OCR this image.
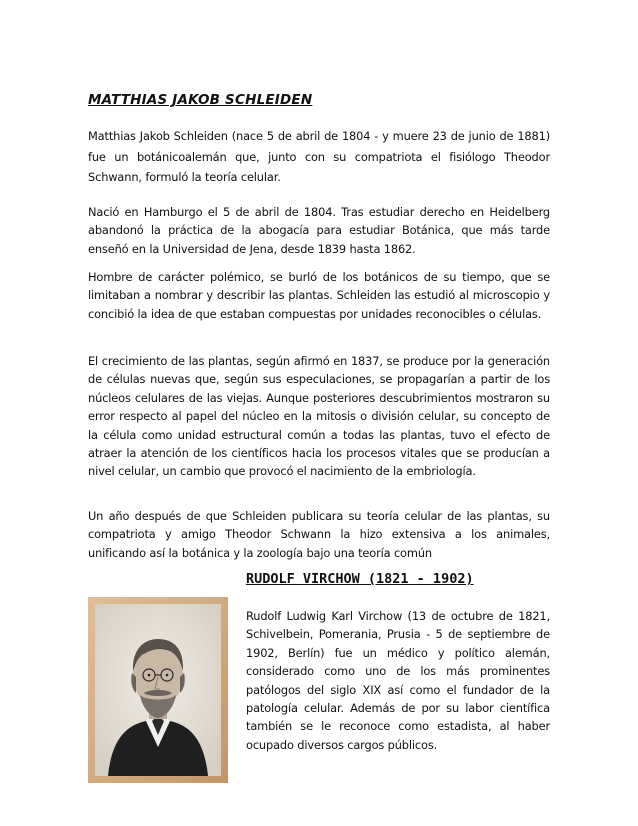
MATTHIAS JAKOB SCHLEIDEN

Matthias Jakob Schleiden (nace 5 de abril de 1804 - y muere 23 de junio de 1881) fue un botánicoalemán que, junto con su compatriota el fisiólogo Theodor Schwann, formuló la teoría celular.

Nació en Hamburgo el 5 de abril de 1804. Tras estudiar derecho en Heidelberg abandonó la práctica de la abogacía para estudiar Botánica, que más tarde enseñó en la Universidad de Jena, desde 1839 hasta 1862.

Hombre de carácter polémico, se burló de los botánicos de su tiempo, que se limitaban a nombrar y describir las plantas. Schleiden las estudió al microscopio y concibió la idea de que estaban compuestas por unidades reconocibles o células.

El crecimiento de las plantas, según afirmó en 1837, se produce por la generación de células nuevas que, según sus especulaciones, se propagarían a partir de los núcleos celulares de las viejas. Aunque posteriores descubrimientos mostraron su error respecto al papel del núcleo en la mitosis o división celular, su concepto de la célula como unidad estructural común a todas las plantas, tuvo el efecto de atraer la atención de los científicos hacia los procesos vitales que se producían a nivel celular, un cambio que provocó el nacimiento de la embriología.

Un año después de que Schleiden publicara su teoría celular de las plantas, su compatriota y amigo Theodor Schwann la hizo extensiva a los animales, unificando así la botánica y la zoología bajo una teoría común

RUDOLF VIRCHOW (1821 - 1902)

Rudolf Ludwig Karl Virchow (13 de octubre de 1821, Schivelbein, Pomerania, Prusia - 5 de septiembre de 1902, Berlín) fue un médico y político alemán, considerado como uno de los más prominentes patólogos del siglo XIX así como el fundador de la patología celular. Además de por su labor científica también se le reconoce como estadista, al haber ocupado diversos cargos públicos.
